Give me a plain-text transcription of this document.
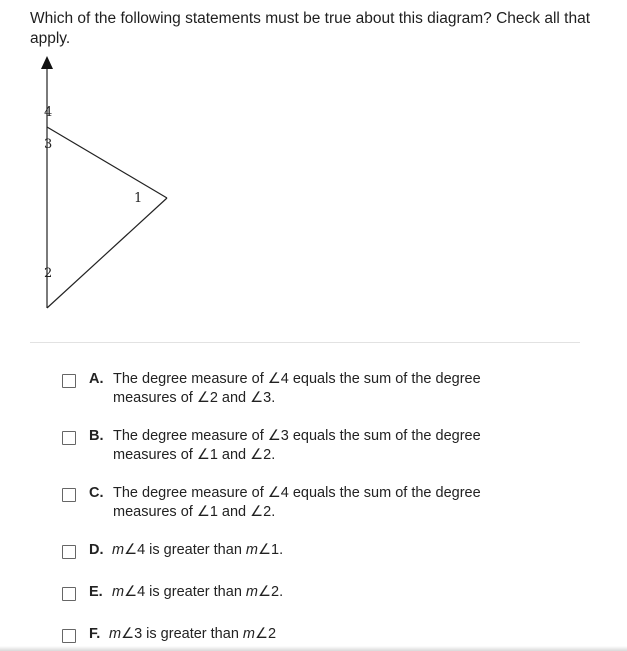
Which of the following statements must be true about this diagram? Check all that apply.
4
3
1
2
A. The degree measure of ∠4 equals the sum of the degree
measures of ∠2 and ∠3.
B. The degree measure of ∠3 equals the sum of the degree
measures of ∠1 and ∠2.
C. The degree measure of ∠4 equals the sum of the degree
measures of ∠1 and ∠2.
D. m∠4 is greater than m∠1.
E. m∠4 is greater than m∠2.
F. m∠3 is greater than m∠2
